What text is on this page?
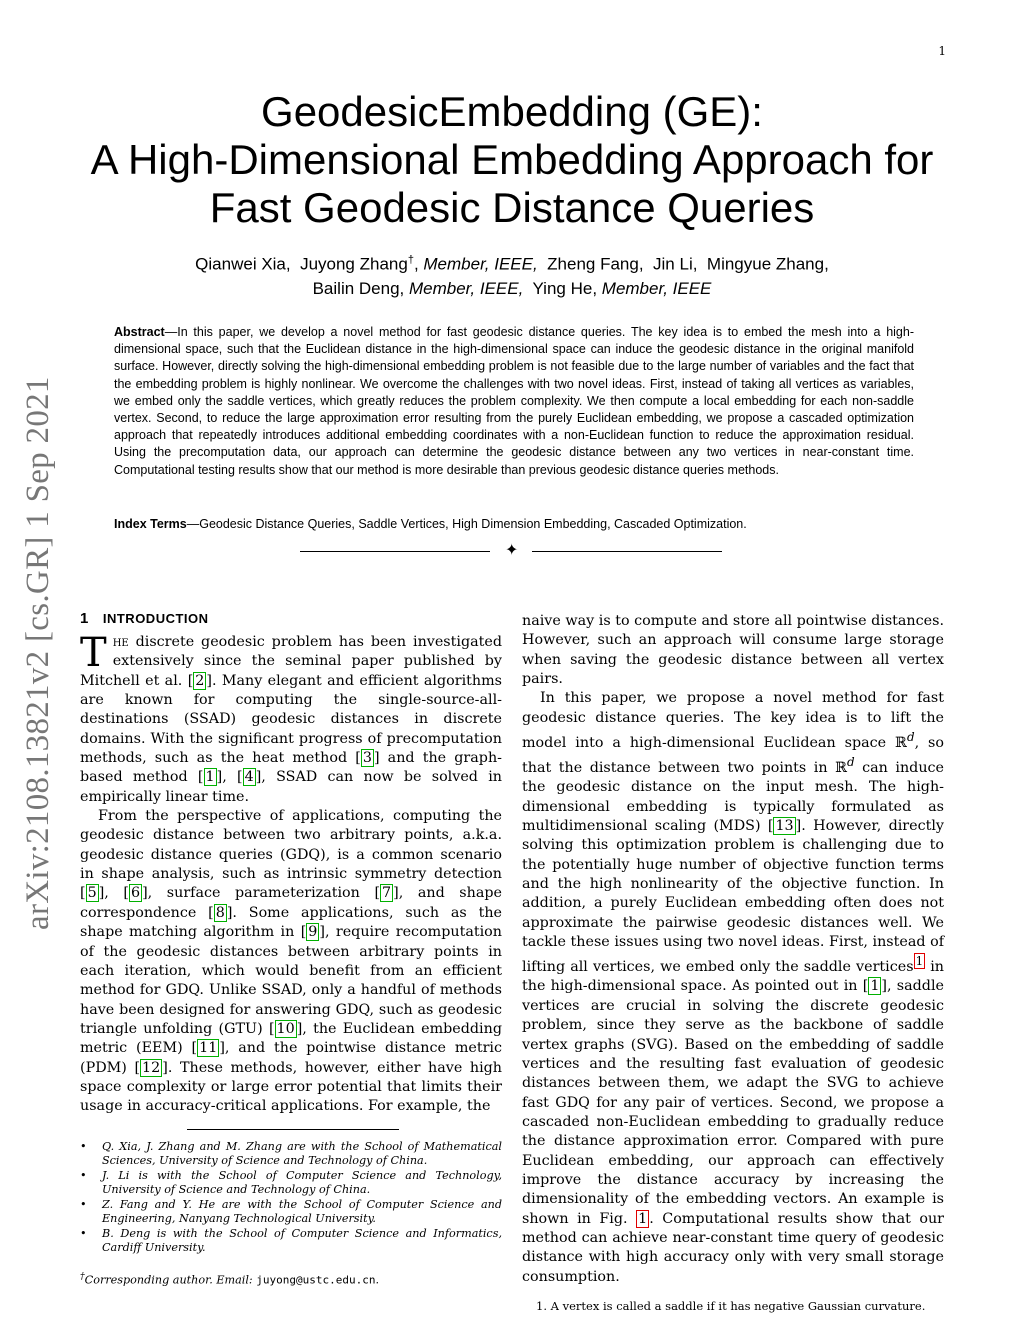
1
arXiv:2108.13821v2 [cs.GR] 1 Sep 2021
GeodesicEmbedding (GE):
A High-Dimensional Embedding Approach for
Fast Geodesic Distance Queries
Qianwei Xia, Juyong Zhang†, Member, IEEE, Zheng Fang, Jin Li, Mingyue Zhang,
Bailin Deng, Member, IEEE, Ying He, Member, IEEE
Abstract—In this paper, we develop a novel method for fast geodesic distance queries. The key idea is to embed the mesh into a high-dimensional space, such that the Euclidean distance in the high-dimensional space can induce the geodesic distance in the original manifold surface. However, directly solving the high-dimensional embedding problem is not feasible due to the large number of variables and the fact that the embedding problem is highly nonlinear. We overcome the challenges with two novel ideas. First, instead of taking all vertices as variables, we embed only the saddle vertices, which greatly reduces the problem complexity. We then compute a local embedding for each non-saddle vertex. Second, to reduce the large approximation error resulting from the purely Euclidean embedding, we propose a cascaded optimization approach that repeatedly introduces additional embedding coordinates with a non-Euclidean function to reduce the approximation residual. Using the precomputation data, our approach can determine the geodesic distance between any two vertices in near-constant time. Computational testing results show that our method is more desirable than previous geodesic distance queries methods.
Index Terms—Geodesic Distance Queries, Saddle Vertices, High Dimension Embedding, Cascaded Optimization.
✦
1 INTRODUCTION

The discrete geodesic problem has been investigated extensively since the seminal paper published by Mitchell et al. [ 2 ]. Many elegant and efficient algorithms are known for computing the single-source-all-destinations (SSAD) geodesic distances in discrete domains. With the significant progress of precomputation methods, such as the heat method [ 3 ] and the graph-based method [ 1 ], [ 4 ], SSAD can now be solved in empirically linear time.

From the perspective of applications, computing the geodesic distance between two arbitrary points, a.k.a. geodesic distance queries (GDQ), is a common scenario in shape analysis, such as intrinsic symmetry detection [ 5 ], [ 6 ], surface parameterization [ 7 ], and shape correspondence [ 8 ]. Some applications, such as the shape matching algorithm in [ 9 ], require recomputation of the geodesic distances between arbitrary points in each iteration, which would benefit from an efficient method for GDQ. Unlike SSAD, only a handful of methods have been designed for answering GDQ, such as geodesic triangle unfolding (GTU) [ 10 ], the Euclidean embedding metric (EEM) [ 11 ], and the pointwise distance metric (PDM) [ 12 ]. These methods, however, either have high space complexity or large error potential that limits their usage in accuracy-critical applications. For example, the

• Q. Xia, J. Zhang and M. Zhang are with the School of Mathematical Sciences, University of Science and Technology of China.
• J. Li is with the School of Computer Science and Technology, University of Science and Technology of China.
• Z. Fang and Y. He are with the School of Computer Science and Engineering, Nanyang Technological University.
• B. Deng is with the School of Computer Science and Informatics, Cardiff University.
†Corresponding author. Email: juyong@ustc.edu.cn.

naive way is to compute and store all pointwise distances. However, such an approach will consume large storage when saving the geodesic distance between all vertex pairs.

In this paper, we propose a novel method for fast geodesic distance queries. The key idea is to lift the model into a high-dimensional Euclidean space ℝ$^d$, so that the distance between two points in ℝ$^d$ can induce the geodesic distance on the input mesh. The high-dimensional embedding is typically formulated as multidimensional scaling (MDS) [ 13 ]. However, directly solving this optimization problem is challenging due to the potentially huge number of objective function terms and the high nonlinearity of the objective function. In addition, a purely Euclidean embedding often does not approximate the pairwise geodesic distances well. We tackle these issues using two novel ideas. First, instead of lifting all vertices, we embed only the saddle vertices $^1$ in the high-dimensional space. As pointed out in [ 1 ], saddle vertices are crucial in solving the discrete geodesic problem, since they serve as the backbone of saddle vertex graphs (SVG). Based on the embedding of saddle vertices and the resulting fast evaluation of geodesic distances between them, we adapt the SVG to achieve fast GDQ for any pair of vertices. Second, we propose a cascaded non-Euclidean embedding to gradually reduce the distance approximation error. Compared with pure Euclidean embedding, our approach can effectively improve the distance accuracy by increasing the dimensionality of the embedding vectors. An example is shown in Fig. 1 . Computational results show that our method can achieve near-constant time query of geodesic distance with high accuracy only with very small storage consumption.

1. A vertex is called a saddle if it has negative Gaussian curvature.
